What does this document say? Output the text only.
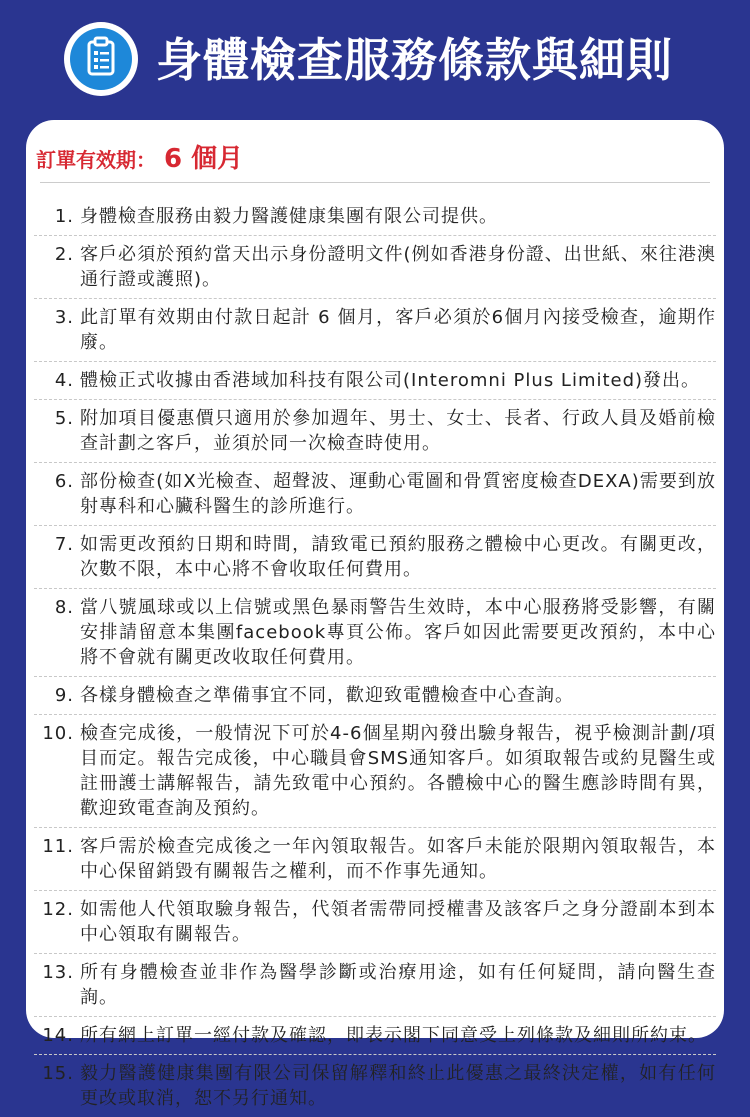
身體檢查服務條款與細則
訂單有效期： 6 個月
1. 身體檢查服務由毅力醫護健康集團有限公司提供。
2. 客戶必須於預約當天出示身份證明文件(例如香港身份證、出世紙、來往港澳通行證或護照)。
3. 此訂單有效期由付款日起計 6 個月，客戶必須於6個月內接受檢查，逾期作廢。
4. 體檢正式收據由香港域加科技有限公司(Interomni Plus Limited)發出。
5. 附加項目優惠價只適用於參加週年、男士、女士、長者、行政人員及婚前檢查計劃之客戶，並須於同一次檢查時使用。
6. 部份檢查(如X光檢查、超聲波、運動心電圖和骨質密度檢查DEXA)需要到放射專科和心臟科醫生的診所進行。
7. 如需更改預約日期和時間，請致電已預約服務之體檢中心更改。有關更改，次數不限，本中心將不會收取任何費用。
8. 當八號風球或以上信號或黑色暴雨警告生效時，本中心服務將受影響，有關安排請留意本集團facebook專頁公佈。客戶如因此需要更改預約，本中心將不會就有關更改收取任何費用。
9. 各樣身體檢查之準備事宜不同，歡迎致電體檢查中心查詢。
10. 檢查完成後，一般情況下可於4-6個星期內發出驗身報告，視乎檢測計劃/項目而定。報告完成後，中心職員會SMS通知客戶。如須取報告或約見醫生或註冊護士講解報告，請先致電中心預約。各體檢中心的醫生應診時間有異，歡迎致電查詢及預約。
11. 客戶需於檢查完成後之一年內領取報告。如客戶未能於限期內領取報告，本中心保留銷毀有關報告之權利，而不作事先通知。
12. 如需他人代領取驗身報告，代領者需帶同授權書及該客戶之身分證副本到本中心領取有關報告。
13. 所有身體檢查並非作為醫學診斷或治療用途，如有任何疑問，請向醫生查詢。
14. 所有網上訂單一經付款及確認，即表示閣下同意受上列條款及細則所約束。
15. 毅力醫護健康集團有限公司保留解釋和終止此優惠之最終決定權，如有任何更改或取消，恕不另行通知。
